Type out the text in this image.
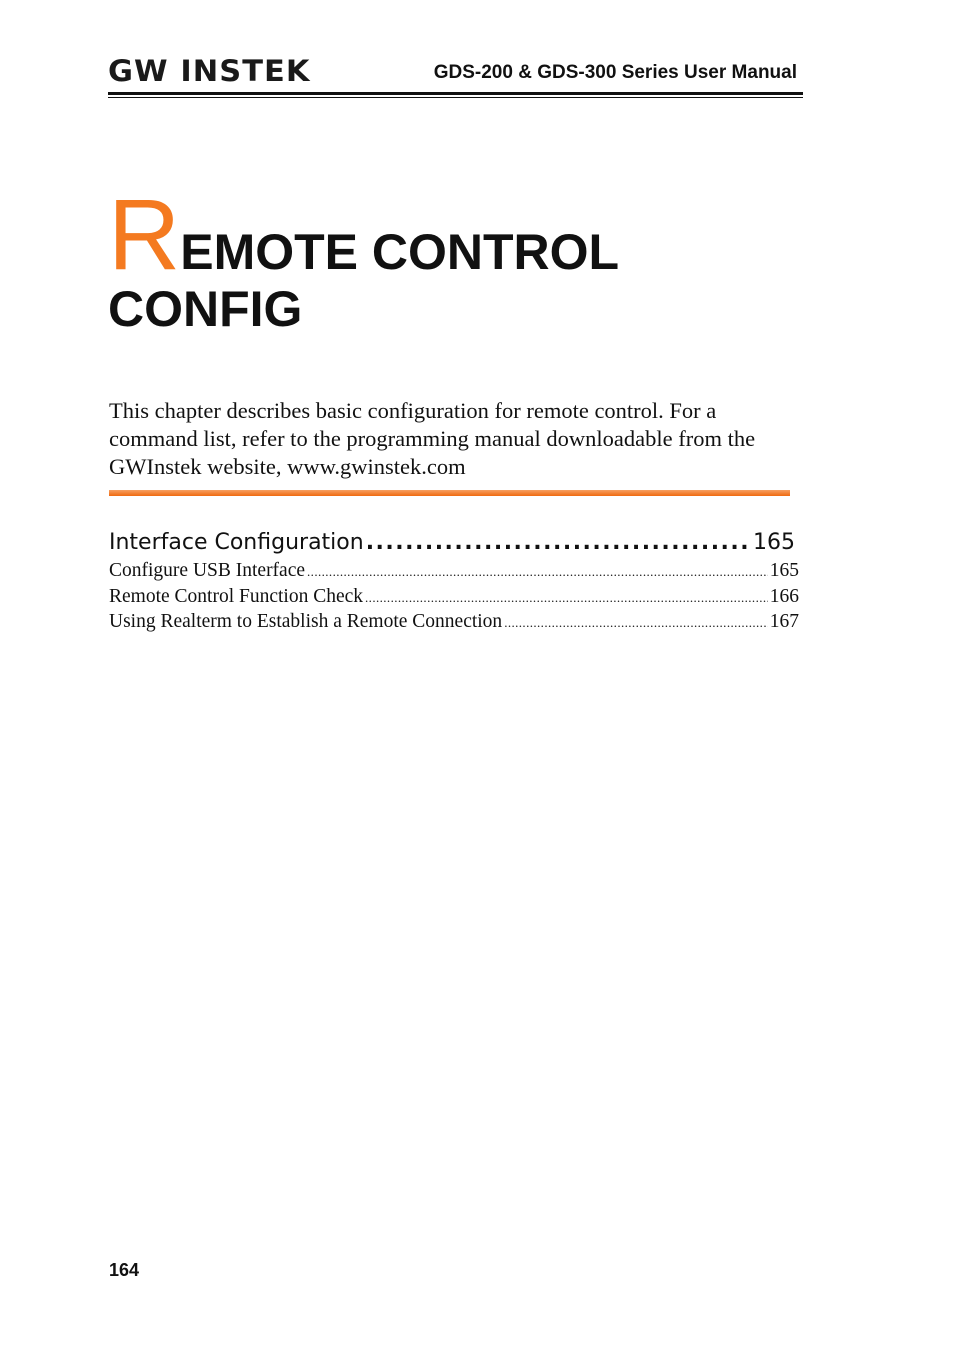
GW INSTEK	GDS-200 & GDS-300 Series User Manual
REMOTE CONTROL
CONFIG

This chapter describes basic configuration for remote control. For a command list, refer to the programming manual downloadable from the GWInstek website, www.gwinstek.com

Interface Configuration .....	165
Configure USB Interface .....	165
Remote Control Function Check .....	166
Using Realterm to Establish a Remote Connection .....	167
164
